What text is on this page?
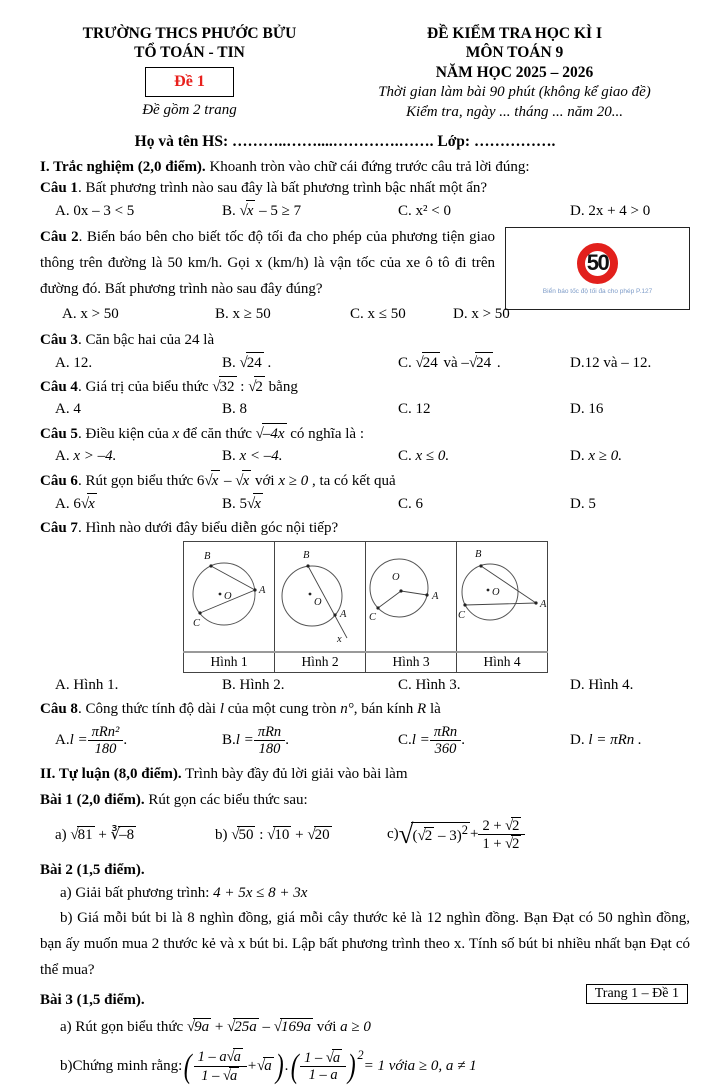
TRƯỜNG THCS PHƯỚC BỬU
TỔ TOÁN - TIN
Đề 1
Đề gồm 2 trang
ĐỀ KIỂM TRA HỌC KÌ I
MÔN TOÁN 9
NĂM HỌC 2025 – 2026
Thời gian làm bài 90 phút (không kể giao đề)
Kiểm tra, ngày ... tháng ... năm 20...
Họ và tên HS: ………..……....………….……. Lớp: …………….
I. Trắc nghiệm (2,0 điểm). Khoanh tròn vào chữ cái đứng trước câu trả lời đúng:
Câu 1. Bất phương trình nào sau đây là bất phương trình bậc nhất một ẩn?
A. 0x – 3 < 5	B. √x – 5 ≥ 7	C. x² < 0	D. 2x + 4 > 0
50
Biển báo tốc độ tối đa cho phép P.127
Câu 2. Biển báo bên cho biết tốc độ tối đa cho phép của phương tiện giao thông trên đường là 50 km/h. Gọi x (km/h) là vận tốc của xe ô tô đi trên đường đó. Bất phương trình nào sau đây đúng?
A. x > 50	B. x ≥ 50	C. x ≤ 50	D. x > 50
Câu 3. Căn bậc hai của 24 là
A. 12.	B. √24 .	C. √24 và –√24 .	D.12 và – 12.
Câu 4. Giá trị của biểu thức √32 : √2 bằng
A. 4	B. 8	C. 12	D. 16
Câu 5. Điều kiện của x để căn thức √–4x có nghĩa là :
A. x > –4.	B. x < –4.	C. x ≤ 0.	D. x ≥ 0.
Câu 6. Rút gọn biểu thức 6√x – √x với x ≥ 0 , ta có kết quả
A. 6√x	B. 5√x	C. 6	D. 5
Câu 7. Hình nào dưới đây biểu diễn góc nội tiếp?
B
A
C
O	B
A
O
x	O
A
C	B
A
C
O

Hình 1	Hình 2	Hình 3	Hình 4
A. Hình 1.	B. Hình 2.	C. Hình 3.	D. Hình 4.
Câu 8. Công thức tính độ dài l của một cung tròn n°, bán kính R là
A. $l = \frac{\text{πRn²}}{180}$ .	B. $l = \frac{\text{πRn}}{180}$ .	C. $l = \frac{\text{πRn}}{360}$ .	D. l = πRn .
II. Tự luận (8,0 điểm). Trình bày đầy đủ lời giải vào bài làm
Bài 1 (2,0 điểm). Rút gọn các biểu thức sau:
a) √81 + ∛–8	b) √50 : √10 + √20	c) √ $(√2 - 3)^2 + \frac{2 + √2}{1 + √2}$
Bài 2 (1,5 điểm).
a) Giải bất phương trình: 4 + 5x ≤ 8 + 3x
b) Giá mỗi bút bi là 8 nghìn đồng, giá mỗi cây thước kẻ là 12 nghìn đồng. Bạn Đạt có 50 nghìn đồng, bạn ấy muốn mua 2 thước kẻ và x bút bi. Lập bất phương trình theo x. Tính số bút bi nhiều nhất bạn Đạt có thể mua?
Bài 3 (1,5 điểm).
a) Rút gọn biểu thức √9a + √25a – √169a với a ≥ 0
b) Chứng minh rằng: ( $\frac{1 - a√a}{1 - √a} + √a$ ) . ( $\frac{1 - √a}{1 - a} )^2$
= 1 với a ≥ 0, a ≠ 1
Trang 1 – Đề 1
